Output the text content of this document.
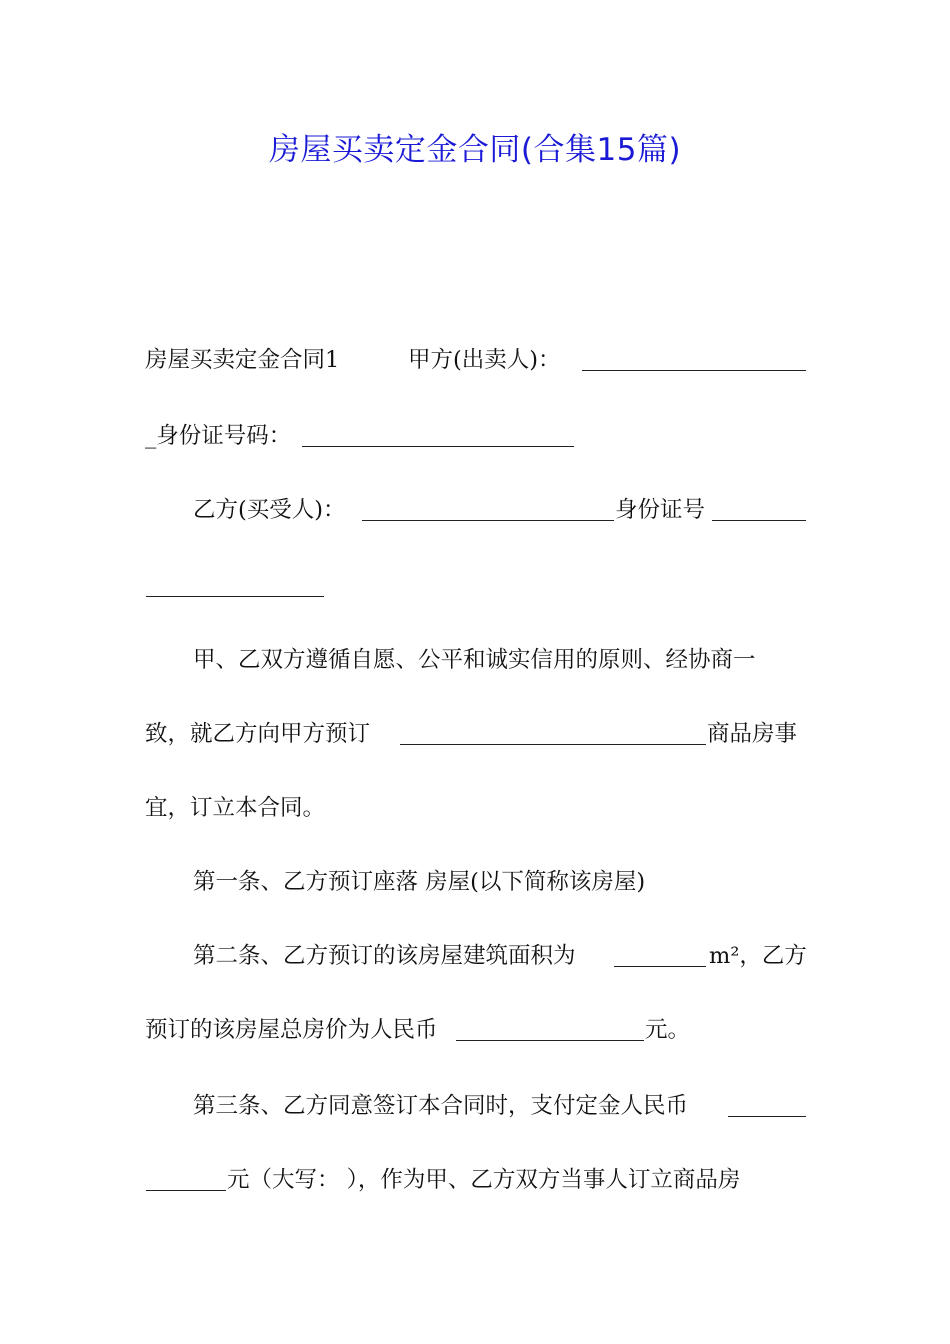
房屋买卖定金合同(合集15篇)
房屋买卖定金合同1	甲方(出卖人)：
_身份证号码：
乙方(买受人)：	身份证号
甲、乙双方遵循自愿、公平和诚实信用的原则、经协商一
致，就乙方向甲方预订	商品房事
宜，订立本合同。
第一条、乙方预订座落 房屋(以下简称该房屋)
第二条、乙方预订的该房屋建筑面积为	m²，乙方
预订的该房屋总房价为人民币	元。
第三条、乙方同意签订本合同时，支付定金人民币
元（大写： ），作为甲、乙方双方当事人订立商品房
